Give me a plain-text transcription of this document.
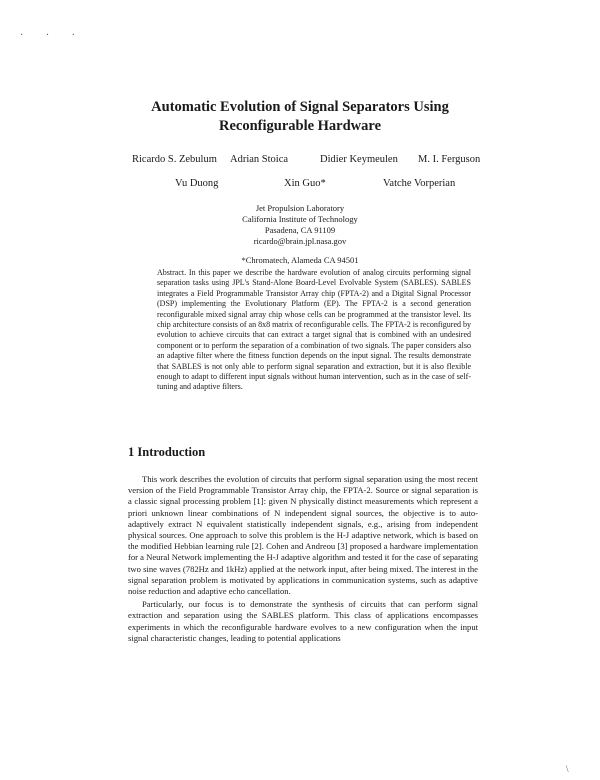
· · ·
Automatic Evolution of Signal Separators Using
Reconfigurable Hardware
Ricardo S. Zebulum Adrian Stoica	Didier Keymeulen M. I. Ferguson
Vu Duong	Xin Guo*	Vatche Vorperian
Jet Propulsion Laboratory
California Institute of Technology
Pasadena, CA 91109
ricardo@brain.jpl.nasa.gov
*Chromatech, Alameda CA 94501
Abstract. In this paper we describe the hardware evolution of analog circuits performing signal separation tasks using JPL's Stand-Alone Board-Level Evolvable System (SABLES). SABLES integrates a Field Programmable Transistor Array chip (FPTA-2) and a Digital Signal Processor (DSP) implementing the Evolutionary Platform (EP). The FPTA-2 is a second generation reconfigurable mixed signal array chip whose cells can be programmed at the transistor level. Its chip architecture consists of an 8x8 matrix of reconfigurable cells. The FPTA-2 is reconfigured by evolution to achieve circuits that can extract a target signal that is combined with an undesired component or to perform the separation of a combination of two signals. The paper considers also an adaptive filter where the fitness function depends on the input signal. The results demonstrate that SABLES is not only able to perform signal separation and extraction, but it is also flexible enough to adapt to different input signals without human intervention, such as in the case of self-tuning and adaptive filters.
1 Introduction

This work describes the evolution of circuits that perform signal separation using the most recent version of the Field Programmable Transistor Array chip, the FPTA-2. Source or signal separation is a classic signal processing problem [1]: given N physically distinct measurements which represent a priori unknown linear combinations of N independent signal sources, the objective is to auto-adaptively extract N equivalent statistically independent signals, e.g., arising from independent physical sources. One approach to solve this problem is the H-J adaptive network, which is based on the modified Hebbian learning rule [2]. Cohen and Andreou [3] proposed a hardware implementation for a Neural Network implementing the H-J adaptive algorithm and tested it for the case of separating two sine waves (782Hz and 1kHz) applied at the network input, after being mixed. The interest in the signal separation problem is motivated by applications in communication systems, such as adaptive noise reduction and adaptive echo cancellation.

Particularly, our focus is to demonstrate the synthesis of circuits that can perform signal extraction and separation using the SABLES platform. This class of applications encompasses experiments in which the reconfigurable hardware evolves to a new configuration when the input signal characteristic changes, leading to potential applications

\
